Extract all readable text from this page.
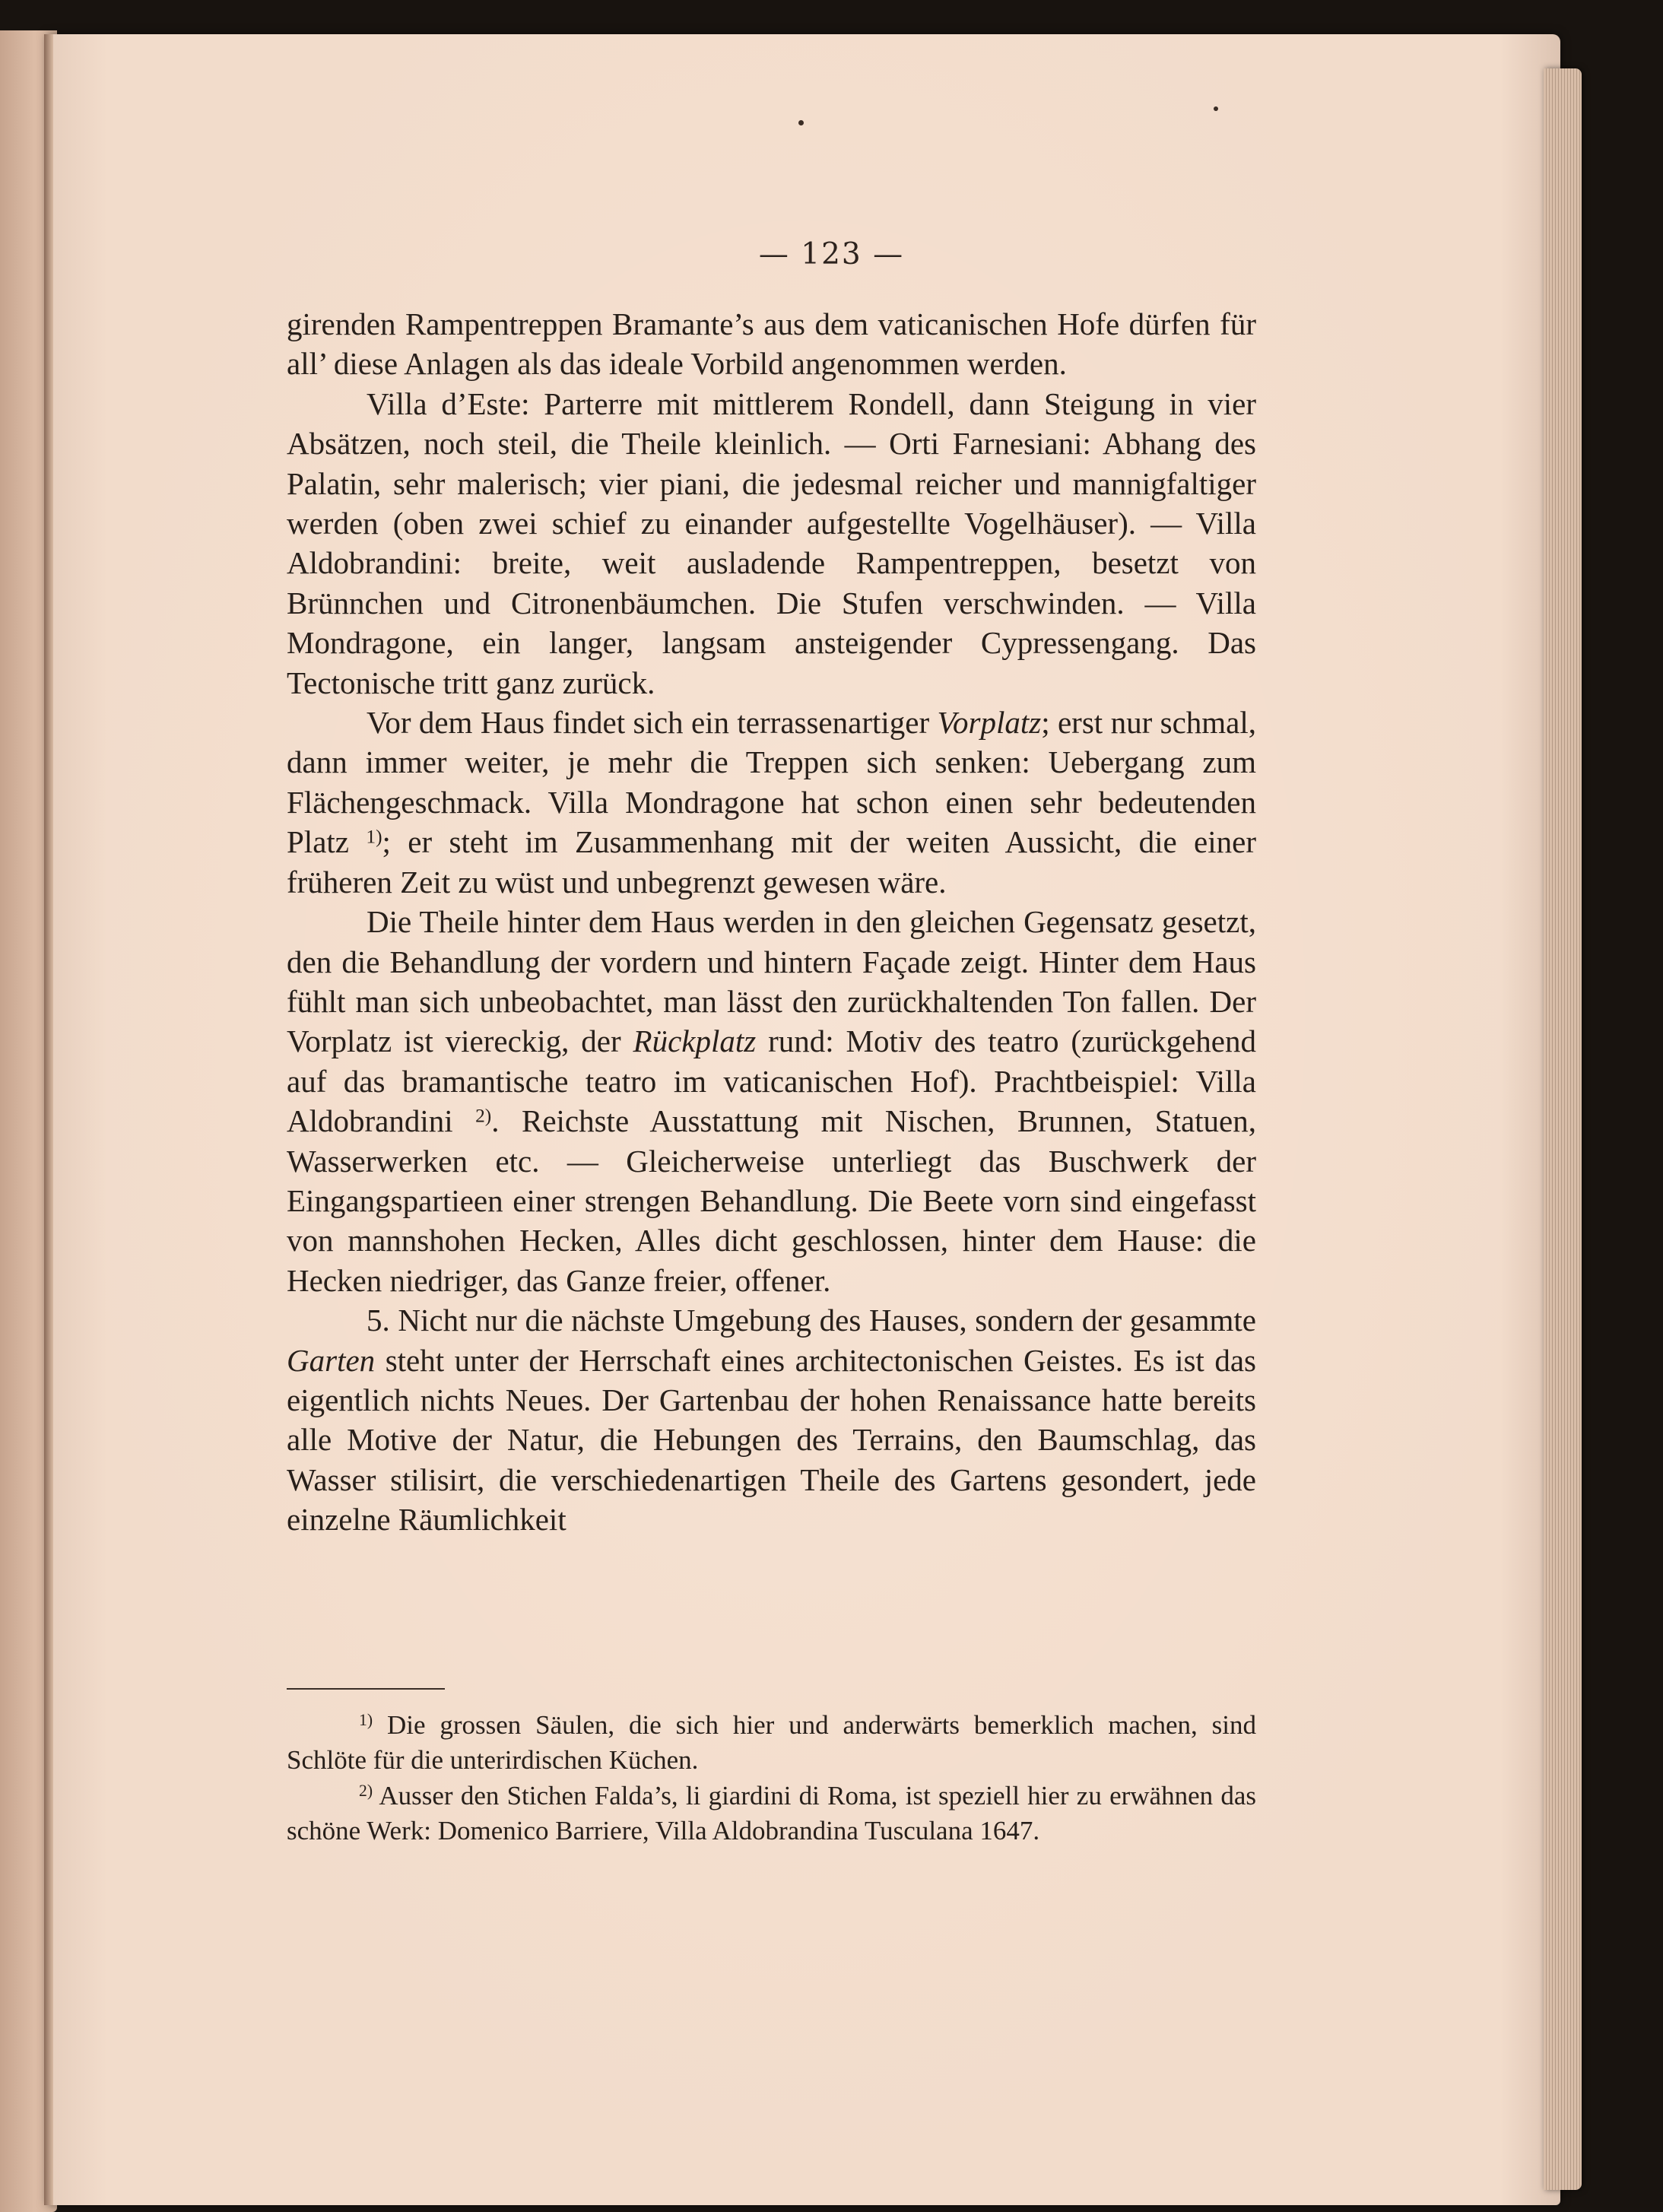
— 123 —

girenden Rampentreppen Bramante’s aus dem vaticanischen Hofe dürfen für all’ diese Anlagen als das ideale Vorbild angenommen werden.

Villa d’Este: Parterre mit mittlerem Rondell, dann Steigung in vier Absätzen, noch steil, die Theile kleinlich. — Orti Farnesiani: Abhang des Palatin, sehr malerisch; vier piani, die jedesmal reicher und mannigfaltiger werden (oben zwei schief zu einander aufgestellte Vogelhäuser). — Villa Aldobrandini: breite, weit ausladende Rampentreppen, besetzt von Brünnchen und Citronenbäumchen. Die Stufen verschwinden. — Villa Mondragone, ein langer, langsam ansteigender Cypressengang. Das Tectonische tritt ganz zurück.

Vor dem Haus findet sich ein terrassenartiger Vorplatz; erst nur schmal, dann immer weiter, je mehr die Treppen sich senken: Uebergang zum Flächengeschmack. Villa Mondragone hat schon einen sehr bedeutenden Platz $^{1)}$; er steht im Zusammenhang mit der weiten Aussicht, die einer früheren Zeit zu wüst und unbegrenzt gewesen wäre.

Die Theile hinter dem Haus werden in den gleichen Gegensatz gesetzt, den die Behandlung der vordern und hintern Façade zeigt. Hinter dem Haus fühlt man sich unbeobachtet, man lässt den zurückhaltenden Ton fallen. Der Vorplatz ist viereckig, der Rückplatz rund: Motiv des teatro (zurückgehend auf das bramantische teatro im vaticanischen Hof). Prachtbeispiel: Villa Aldobrandini $^{2)}$. Reichste Ausstattung mit Nischen, Brunnen, Statuen, Wasserwerken etc. — Gleicherweise unterliegt das Buschwerk der Eingangspartieen einer strengen Behandlung. Die Beete vorn sind eingefasst von mannshohen Hecken, Alles dicht geschlossen, hinter dem Hause: die Hecken niedriger, das Ganze freier, offener.

5. Nicht nur die nächste Umgebung des Hauses, sondern der gesammte Garten steht unter der Herrschaft eines architectonischen Geistes. Es ist das eigentlich nichts Neues. Der Gartenbau der hohen Renaissance hatte bereits alle Motive der Natur, die Hebungen des Terrains, den Baumschlag, das Wasser stilisirt, die verschiedenartigen Theile des Gartens gesondert, jede einzelne Räumlichkeit

$^{1)}$ Die grossen Säulen, die sich hier und anderwärts bemerklich machen, sind Schlöte für die unterirdischen Küchen.

$^{2)}$ Ausser den Stichen Falda’s, li giardini di Roma, ist speziell hier zu erwähnen das schöne Werk: Domenico Barriere, Villa Aldobrandina Tusculana 1647.
